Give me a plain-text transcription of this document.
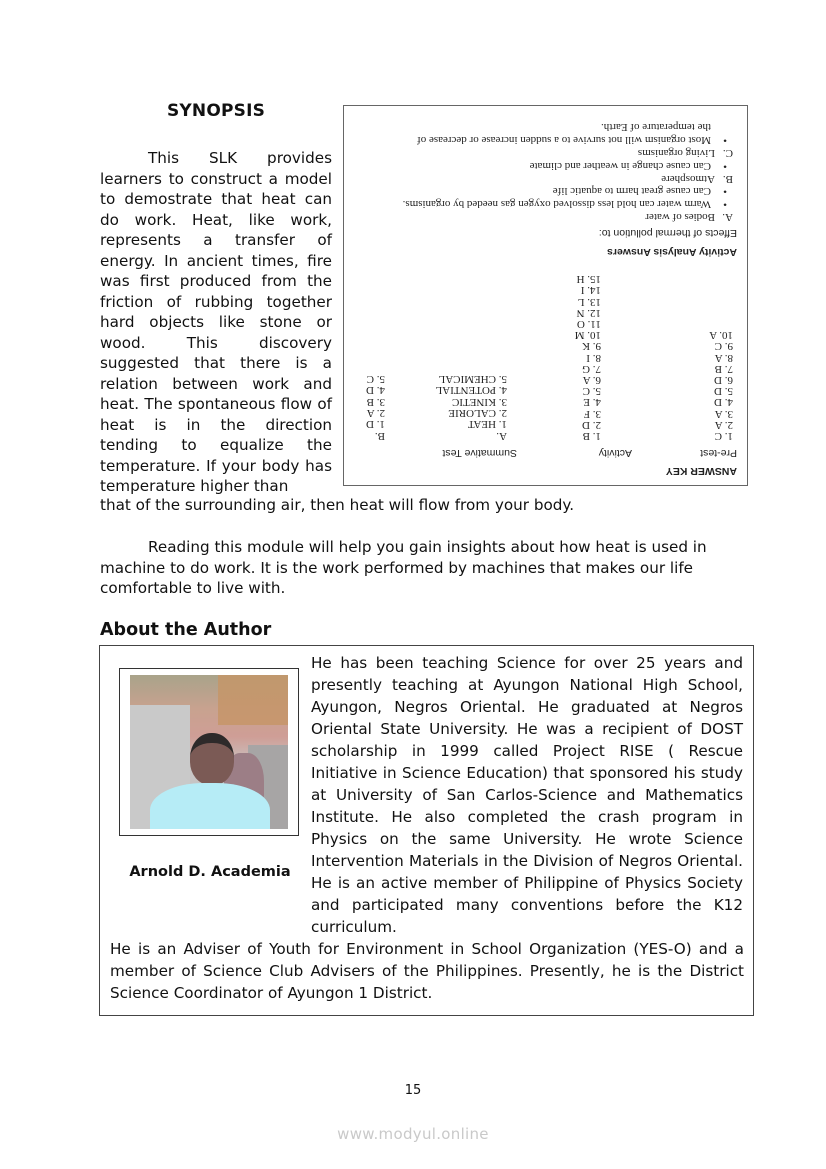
SYNOPSIS

This SLK provides learners to construct a model to demostrate that heat can do work. Heat, like work, represents a transfer of energy. In ancient times, fire was first produced from the friction of rubbing together hard objects like stone or wood. This discovery suggested that there is a relation between work and heat. The spontaneous flow of heat is in the direction tending to equalize the temperature. If your body has temperature higher than

that of the surrounding air, then heat will flow from your body.

Reading this module will help you gain insights about how heat is used in machine to do work. It is the work performed by machines that makes our life comfortable to live with.

ANSWER KEY
Pre-test
Activity
Summative Test
1. C
2. A
3. A
4. D
5. D
6. D
7. B
8. A
9. C
10. A
1. B
2. D
3. F
4. E
5. C
6. A
7. G
8. I
9. K
10. M
11. O
12. N
13. L
14. I
15. H
A.
1. HEAT
2. CALORIE
3. KINETIC
4. POTENTIAL
5. CHEMICAL
B.
1. D
2. A
3. B
4. D
5. C
Activity Analysis Answers
Effects of thermal pollution to:
A.Bodies of water
• Warm water can hold less dissolved oxygen gas needed by organisms.
• Can cause great harm to aquatic life
B.Atmosphere
• Can cause change in weather and climate
C.Living organisms
• Most organism will not survive to a sudden increase or decrease of the temperature of Earth.
About the Author
Arnold D. Academia

He has been teaching Science for over 25 years and presently teaching at Ayungon National High School, Ayungon, Negros Oriental. He graduated at Negros Oriental State University. He was a recipient of DOST scholarship in 1999 called Project RISE ( Rescue Initiative in Science Education) that sponsored his study at University of San Carlos-Science and Mathematics Institute. He also completed the crash program in Physics on the same University. He wrote Science Intervention Materials in the Division of Negros Oriental. He is an active member of Philippine of Physics Society and participated many conventions before the K12 curriculum.

He is an Adviser of Youth for Environment in School Organization (YES-O) and a member of Science Club Advisers of the Philippines. Presently, he is the District Science Coordinator of Ayungon 1 District.

15
www.modyul.online
